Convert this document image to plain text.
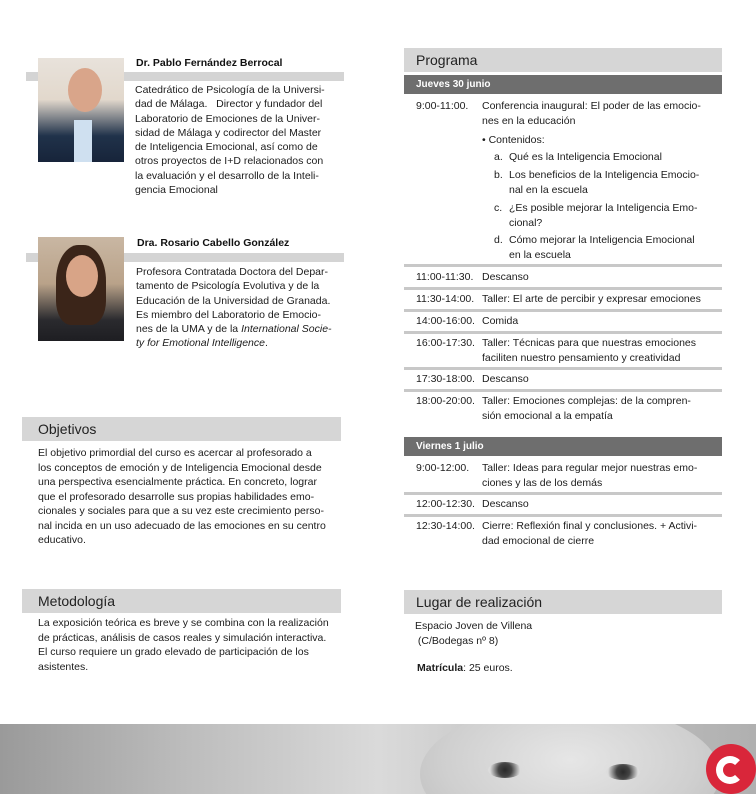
Dr. Pablo Fernández Berrocal
Catedrático de Psicología de la Universi-
dad de Málaga.   Director y fundador del
Laboratorio de Emociones de la Univer-
sidad de Málaga y codirector del Master
de Inteligencia Emocional, así como de
otros proyectos de I+D relacionados con
la evaluación y el desarrollo de la Inteli-
gencia Emocional
Dra. Rosario Cabello González
Profesora Contratada Doctora del Depar-
tamento de Psicología Evolutiva y de la
Educación de la Universidad de Granada.
Es miembro del Laboratorio de Emocio-
nes de la UMA y de la International Socie-
ty for Emotional Intelligence.
Objetivos
El objetivo primordial del curso es acercar al profesorado a
los conceptos de emoción y de Inteligencia Emocional desde
una perspectiva esencialmente práctica. En concreto, lograr
que el profesorado desarrolle sus propias habilidades emo-
cionales y sociales para que a su vez este crecimiento perso-
nal incida en un uso adecuado de las emociones en su centro
educativo.
Metodología
La exposición teórica es breve y se combina con la realización
de prácticas, análisis de casos reales y simulación interactiva.
El curso requiere un grado elevado de participación de los
asistentes.
Programa
Jueves 30 junio
9:00-11:00. Conferencia inaugural: El poder de las emocio-
nes en la educación
• Contenidos:
a. Qué es la Inteligencia Emocional
b. Los beneficios de la Inteligencia Emocio-
nal en la escuela
c. ¿Es posible mejorar la Inteligencia Emo-
cional?
d. Cómo mejorar la Inteligencia Emocional
en la escuela
11:00-11:30. Descanso
11:30-14:00. Taller: El arte de percibir y expresar emociones
14:00-16:00. Comida
16:00-17:30. Taller: Técnicas para que nuestras emociones
faciliten nuestro pensamiento y creatividad
17:30-18:00. Descanso
18:00-20:00. Taller: Emociones complejas: de la compren-
sión emocional a la empatía
Viernes 1 julio
9:00-12:00. Taller: Ideas para regular mejor nuestras emo-
ciones y las de los demás
12:00-12:30. Descanso
12:30-14:00. Cierre: Reflexión final y conclusiones. + Activi-
dad emocional de cierre
Lugar de realización
Espacio Joven de Villena
(C/Bodegas nº 8)
Matrícula: 25 euros.
